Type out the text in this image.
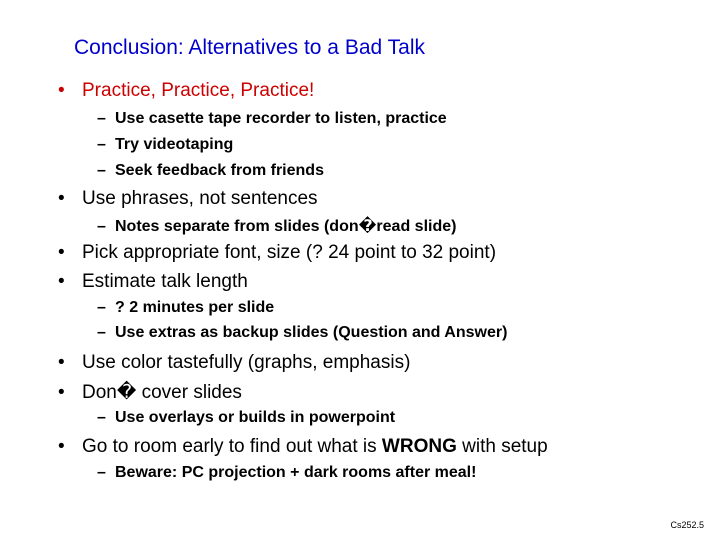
Conclusion: Alternatives to a Bad Talk
• Practice, Practice, Practice!
– Use casette tape recorder to listen, practice
– Try videotaping
– Seek feedback from friends
• Use phrases, not sentences
– Notes separate from slides (don�read slide)
• Pick appropriate font, size (? 24 point to 32 point)
• Estimate talk length
– ? 2 minutes per slide
– Use extras as backup slides (Question and Answer)
• Use color tastefully (graphs, emphasis)
• Don� cover slides
– Use overlays or builds in powerpoint
• Go to room early to find out what is WRONG with setup
– Beware: PC projection + dark rooms after meal!
Cs252.5
